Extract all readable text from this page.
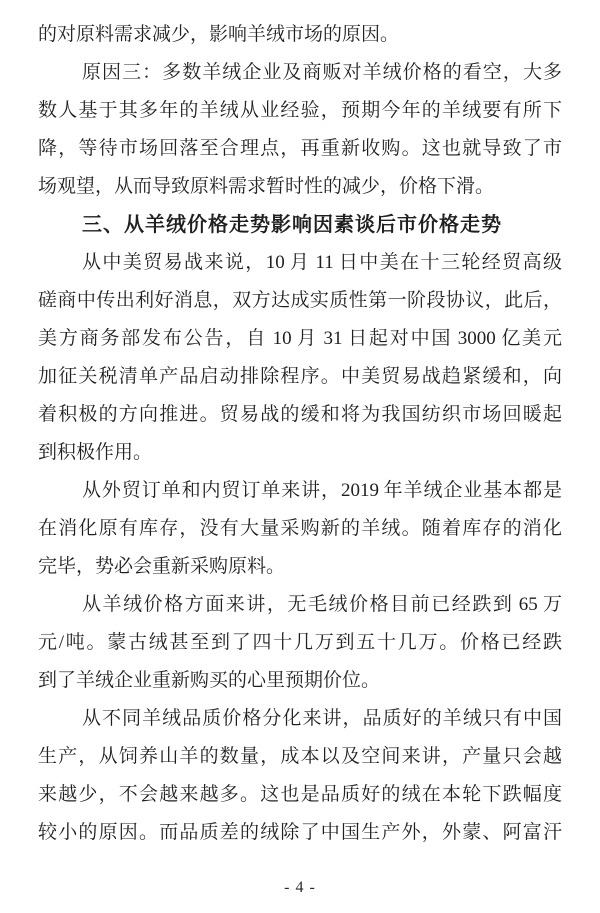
的对原料需求减少，影响羊绒市场的原因。
原因三：多数羊绒企业及商贩对羊绒价格的看空，大多
数人基于其多年的羊绒从业经验，预期今年的羊绒要有所下
降，等待市场回落至合理点，再重新收购。这也就导致了市
场观望，从而导致原料需求暂时性的减少，价格下滑。
三、从羊绒价格走势影响因素谈后市价格走势
从中美贸易战来说，10 月 11 日中美在十三轮经贸高级
磋商中传出利好消息，双方达成实质性第一阶段协议，此后，
美方商务部发布公告，自 10 月 31 日起对中国 3000 亿美元
加征关税清单产品启动排除程序。中美贸易战趋紧缓和，向
着积极的方向推进。贸易战的缓和将为我国纺织市场回暖起
到积极作用。
从外贸订单和内贸订单来讲，2019 年羊绒企业基本都是
在消化原有库存，没有大量采购新的羊绒。随着库存的消化
完毕，势必会重新采购原料。
从羊绒价格方面来讲，无毛绒价格目前已经跌到 65 万
元/吨。蒙古绒甚至到了四十几万到五十几万。价格已经跌
到了羊绒企业重新购买的心里预期价位。
从不同羊绒品质价格分化来讲，品质好的羊绒只有中国
生产，从饲养山羊的数量，成本以及空间来讲，产量只会越
来越少，不会越来越多。这也是品质好的绒在本轮下跌幅度
较小的原因。而品质差的绒除了中国生产外，外蒙、阿富汗
- 4 -
